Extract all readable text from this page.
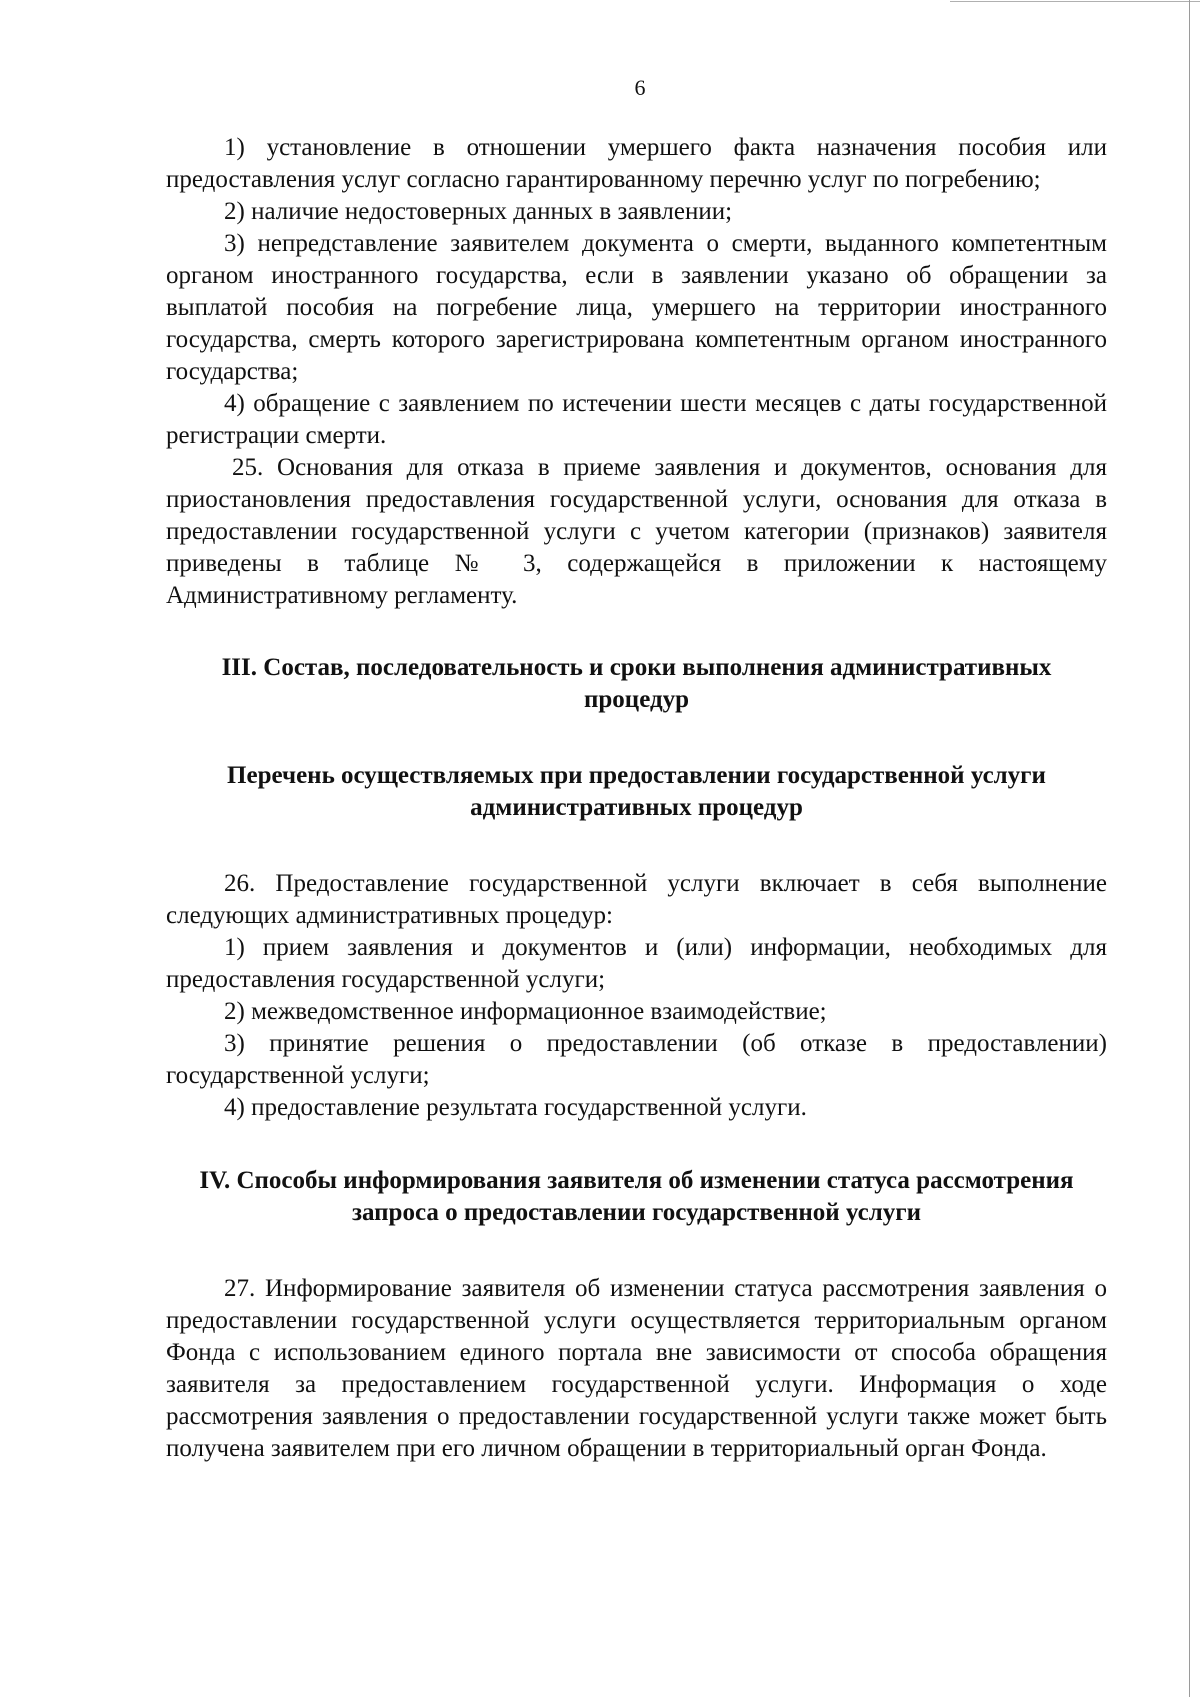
6

1) установление в отношении умершего факта назначения пособия или предоставления услуг согласно гарантированному перечню услуг по погребению;

2) наличие недостоверных данных в заявлении;

3) непредставление заявителем документа о смерти, выданного компетентным органом иностранного государства, если в заявлении указано об обращении за выплатой пособия на погребение лица, умершего на территории иностранного государства, смерть которого зарегистрирована компетентным органом иностранного государства;

4) обращение с заявлением по истечении шести месяцев с даты государственной регистрации смерти.

25. Основания для отказа в приеме заявления и документов, основания для приостановления предоставления государственной услуги, основания для отказа в предоставлении государственной услуги с учетом категории (признаков) заявителя приведены в таблице № 3, содержащейся в приложении к настоящему Административному регламенту.

III. Состав, последовательность и сроки выполнения административных процедур
Перечень осуществляемых при предоставлении государственной услуги административных процедур

26. Предоставление государственной услуги включает в себя выполнение следующих административных процедур:

1) прием заявления и документов и (или) информации, необходимых для предоставления государственной услуги;

2) межведомственное информационное взаимодействие;

3) принятие решения о предоставлении (об отказе в предоставлении) государственной услуги;

4) предоставление результата государственной услуги.

IV. Способы информирования заявителя об изменении статуса рассмотрения запроса о предоставлении государственной услуги

27. Информирование заявителя об изменении статуса рассмотрения заявления о предоставлении государственной услуги осуществляется территориальным органом Фонда с использованием единого портала вне зависимости от способа обращения заявителя за предоставлением государственной услуги. Информация о ходе рассмотрения заявления о предоставлении государственной услуги также может быть получена заявителем при его личном обращении в территориальный орган Фонда.
